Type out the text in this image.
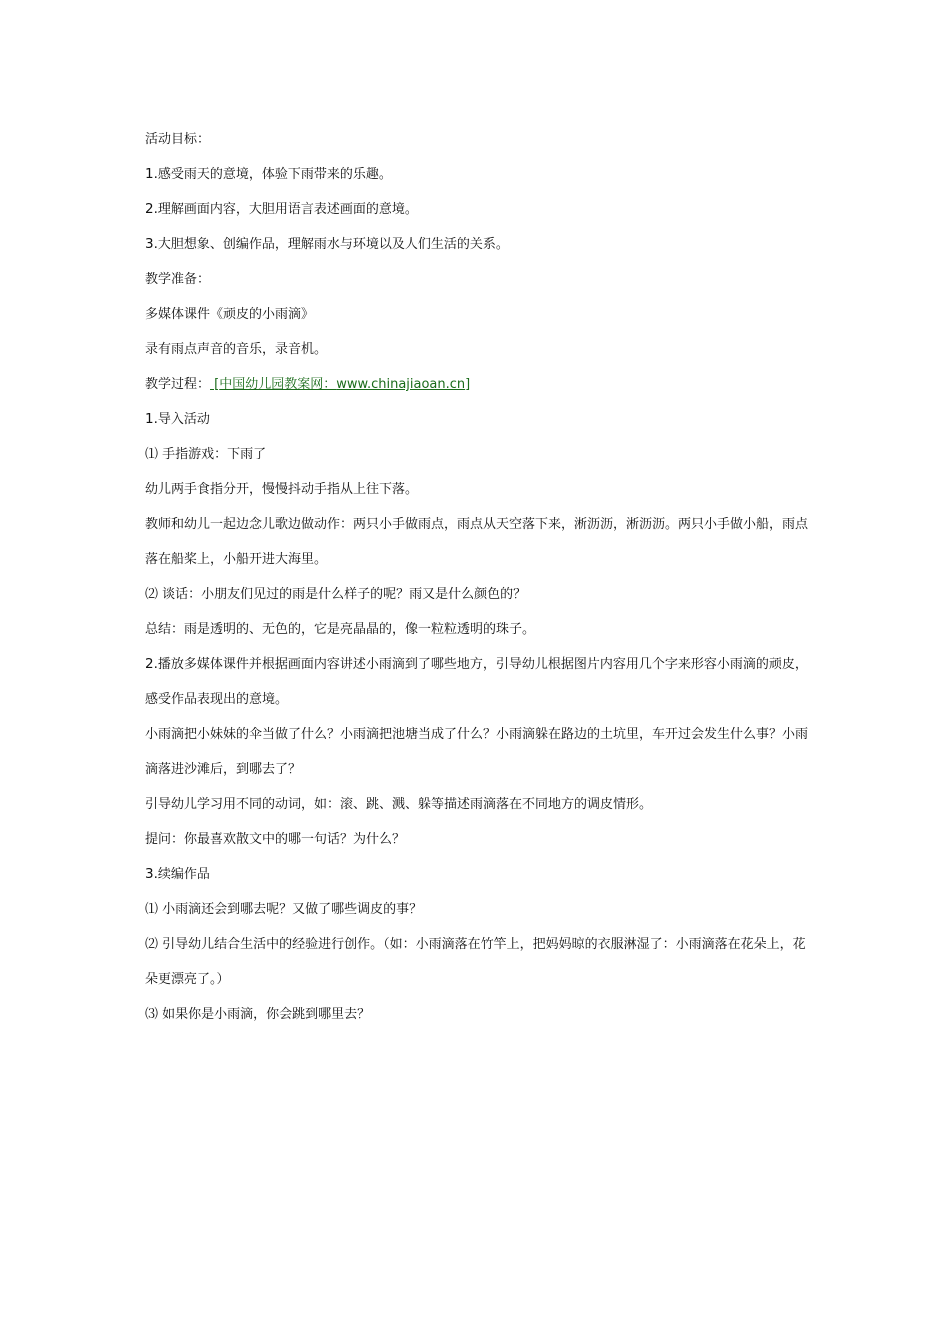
活动目标：
1.感受雨天的意境，体验下雨带来的乐趣。
2.理解画面内容，大胆用语言表述画面的意境。
3.大胆想象、创编作品，理解雨水与环境以及人们生活的关系。
教学准备：
多媒体课件《顽皮的小雨滴》
录有雨点声音的音乐，录音机。
教学过程： [中国幼儿园教案网：www.chinajiaoan.cn]
1.导入活动
⑴ 手指游戏：下雨了
幼儿两手食指分开，慢慢抖动手指从上往下落。
教师和幼儿一起边念儿歌边做动作：两只小手做雨点，雨点从天空落下来，淅沥沥，淅沥沥。两只小手做小船，雨点落在船桨上，小船开进大海里。
⑵ 谈话：小朋友们见过的雨是什么样子的呢？雨又是什么颜色的？
总结：雨是透明的、无色的，它是亮晶晶的，像一粒粒透明的珠子。
2.播放多媒体课件并根据画面内容讲述小雨滴到了哪些地方，引导幼儿根据图片内容用几个字来形容小雨滴的顽皮，感受作品表现出的意境。
小雨滴把小妹妹的伞当做了什么？小雨滴把池塘当成了什么？小雨滴躲在路边的土坑里，车开过会发生什么事？小雨滴落进沙滩后，到哪去了？
引导幼儿学习用不同的动词，如：滚、跳、溅、躲等描述雨滴落在不同地方的调皮情形。
提问：你最喜欢散文中的哪一句话？为什么？
3.续编作品
⑴ 小雨滴还会到哪去呢？又做了哪些调皮的事？
⑵ 引导幼儿结合生活中的经验进行创作。（如：小雨滴落在竹竿上，把妈妈晾的衣服淋湿了：小雨滴落在花朵上，花朵更漂亮了。）
⑶ 如果你是小雨滴，你会跳到哪里去？
